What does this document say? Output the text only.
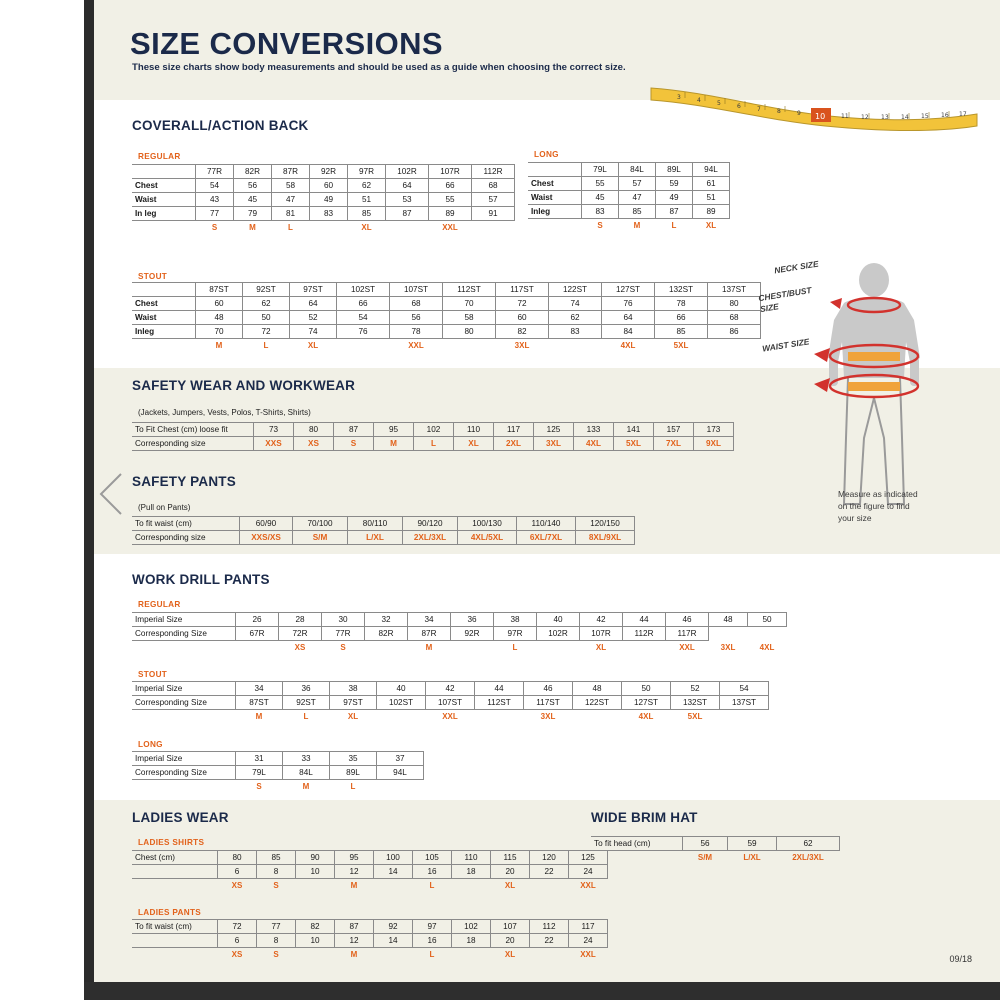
SIZE CONVERSIONS
These size charts show body measurements and should be used as a guide when choosing the correct size.
3	4	5	6	7	8	9	11 12 13 14 15 16 17
10
COVERALL/ACTION BACK
REGULAR
	77R	82R	87R	92R	97R	102R	107R	112R
Chest	54	56	58	60	62	64	66	68
Waist	43	45	47	49	51	53	55	57
In leg	77	79	81	83	85	87	89	91
	S	M	L		XL		XXL	
LONG
	79L	84L	89L	94L
Chest	55	57	59	61
Waist	45	47	49	51
Inleg	83	85	87	89
	S	M	L	XL
STOUT
	87ST	92ST	97ST	102ST	107ST	112ST	117ST	122ST	127ST	132ST	137ST
Chest	60	62	64	66	68	70	72	74	76	78	80
Waist	48	50	52	54	56	58	60	62	64	66	68
Inleg	70	72	74	76	78	80	82	83	84	85	86
	M	L	XL		XXL		3XL		4XL	5XL	
SAFETY WEAR AND WORKWEAR
(Jackets, Jumpers, Vests, Polos, T-Shirts, Shirts)
To Fit Chest (cm) loose fit	73	80	87	95	102	110	117	125	133	141	157	173
Corresponding size	XXS	XS	S	M	L	XL	2XL	3XL	4XL	5XL	7XL	9XL
SAFETY PANTS
(Pull on Pants)
To fit waist (cm)	60/90	70/100	80/110	90/120	100/130	110/140	120/150
Corresponding size	XXS/XS	S/M	L/XL	2XL/3XL	4XL/5XL	6XL/7XL	8XL/9XL
NECK SIZE
CHEST/BUST SIZE
WAIST SIZE
Measure as indicated on the figure to find your size
WORK DRILL PANTS
REGULAR
Imperial Size	26	28	30	32	34	36	38	40	42	44	46	48	50
Corresponding Size	67R	72R	77R	82R	87R	92R	97R	102R	107R	112R	117R		
		XS	S		M		L		XL		XXL	3XL	4XL
STOUT
Imperial Size	34	36	38	40	42	44	46	48	50	52	54
Corresponding Size	87ST	92ST	97ST	102ST	107ST	112ST	117ST	122ST	127ST	132ST	137ST
	M	L	XL		XXL		3XL		4XL	5XL	
LONG
Imperial Size	31	33	35	37
Corresponding Size	79L	84L	89L	94L
	S	M	L	
LADIES WEAR
LADIES SHIRTS
Chest (cm)	80	85	90	95	100	105	110	115	120	125
	6	8	10	12	14	16	18	20	22	24
	XS	S		M		L		XL		XXL
LADIES PANTS
To fit waist (cm)	72	77	82	87	92	97	102	107	112	117
	6	8	10	12	14	16	18	20	22	24
	XS	S		M		L		XL		XXL
WIDE BRIM HAT
To fit head (cm)	56	59	62
	S/M	L/XL	2XL/3XL
09/18
